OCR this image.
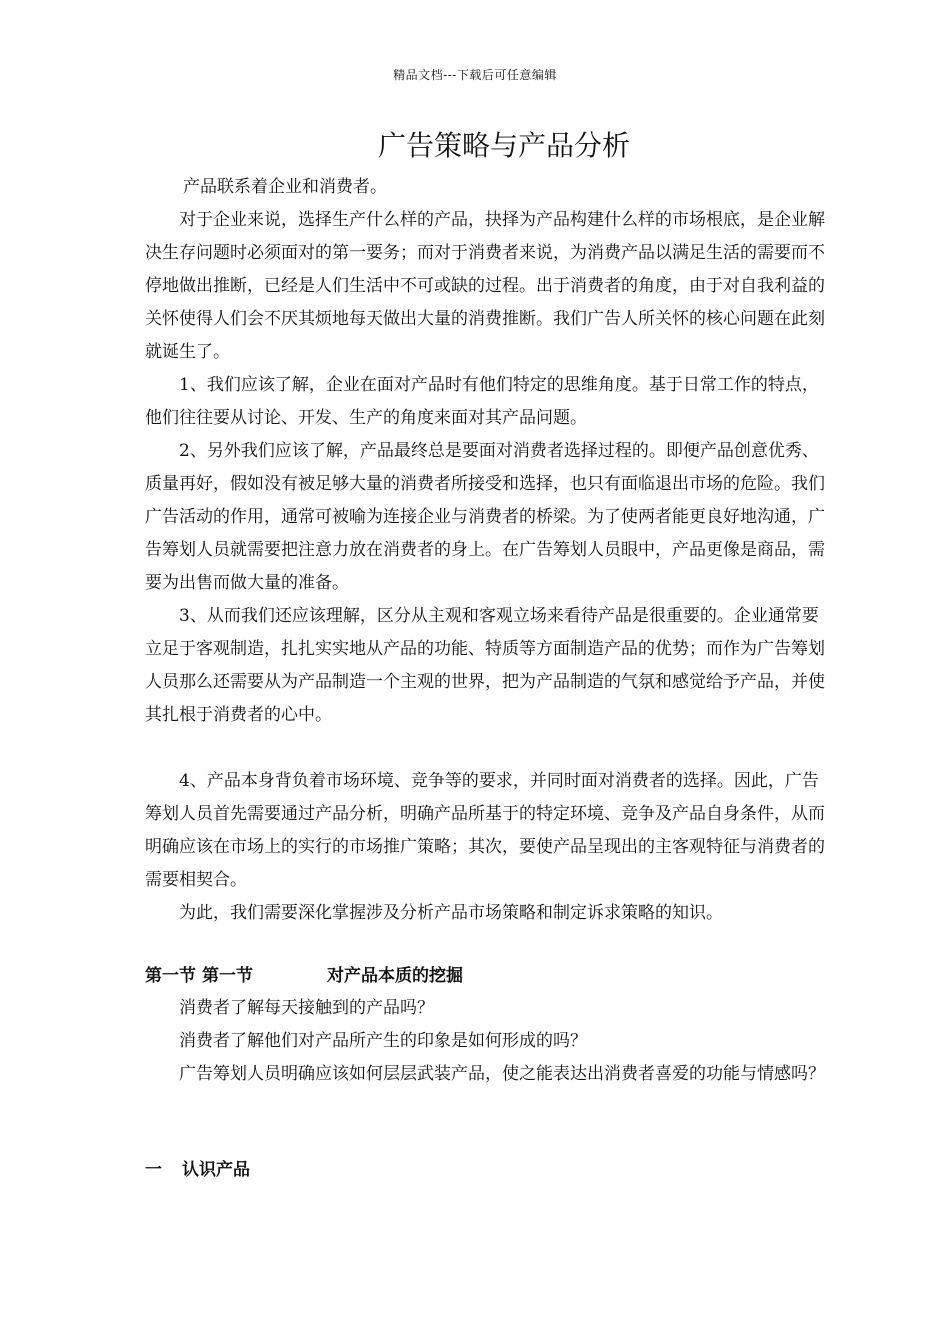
精品文档---下载后可任意编辑
广告策略与产品分析

产品联系着企业和消费者。

对于企业来说，选择生产什么样的产品，抉择为产品构建什么样的市场根底，是企业解决生存问题时必须面对的第一要务；而对于消费者来说，为消费产品以满足生活的需要而不停地做出推断，已经是人们生活中不可或缺的过程。出于消费者的角度，由于对自我利益的关怀使得人们会不厌其烦地每天做出大量的消费推断。我们广告人所关怀的核心问题在此刻就诞生了。

1、我们应该了解，企业在面对产品时有他们特定的思维角度。基于日常工作的特点，他们往往要从讨论、开发、生产的角度来面对其产品问题。

2、另外我们应该了解，产品最终总是要面对消费者选择过程的。即便产品创意优秀、质量再好，假如没有被足够大量的消费者所接受和选择，也只有面临退出市场的危险。我们广告活动的作用，通常可被喻为连接企业与消费者的桥梁。为了使两者能更良好地沟通，广告筹划人员就需要把注意力放在消费者的身上。在广告筹划人员眼中，产品更像是商品，需要为出售而做大量的准备。

3、从而我们还应该理解，区分从主观和客观立场来看待产品是很重要的。企业通常要立足于客观制造，扎扎实实地从产品的功能、特质等方面制造产品的优势；而作为广告筹划人员那么还需要从为产品制造一个主观的世界，把为产品制造的气氛和感觉给予产品，并使其扎根于消费者的心中。

4、产品本身背负着市场环境、竞争等的要求，并同时面对消费者的选择。因此，广告筹划人员首先需要通过产品分析，明确产品所基于的特定环境、竞争及产品自身条件，从而明确应该在市场上的实行的市场推广策略；其次，要使产品呈现出的主客观特征与消费者的需要相契合。

为此，我们需要深化掌握涉及分析产品市场策略和制定诉求策略的知识。

第一节 第一节	对产品本质的挖掘

消费者了解每天接触到的产品吗？

消费者了解他们对产品所产生的印象是如何形成的吗？

广告筹划人员明确应该如何层层武装产品，使之能表达出消费者喜爱的功能与情感吗？

一 认识产品
